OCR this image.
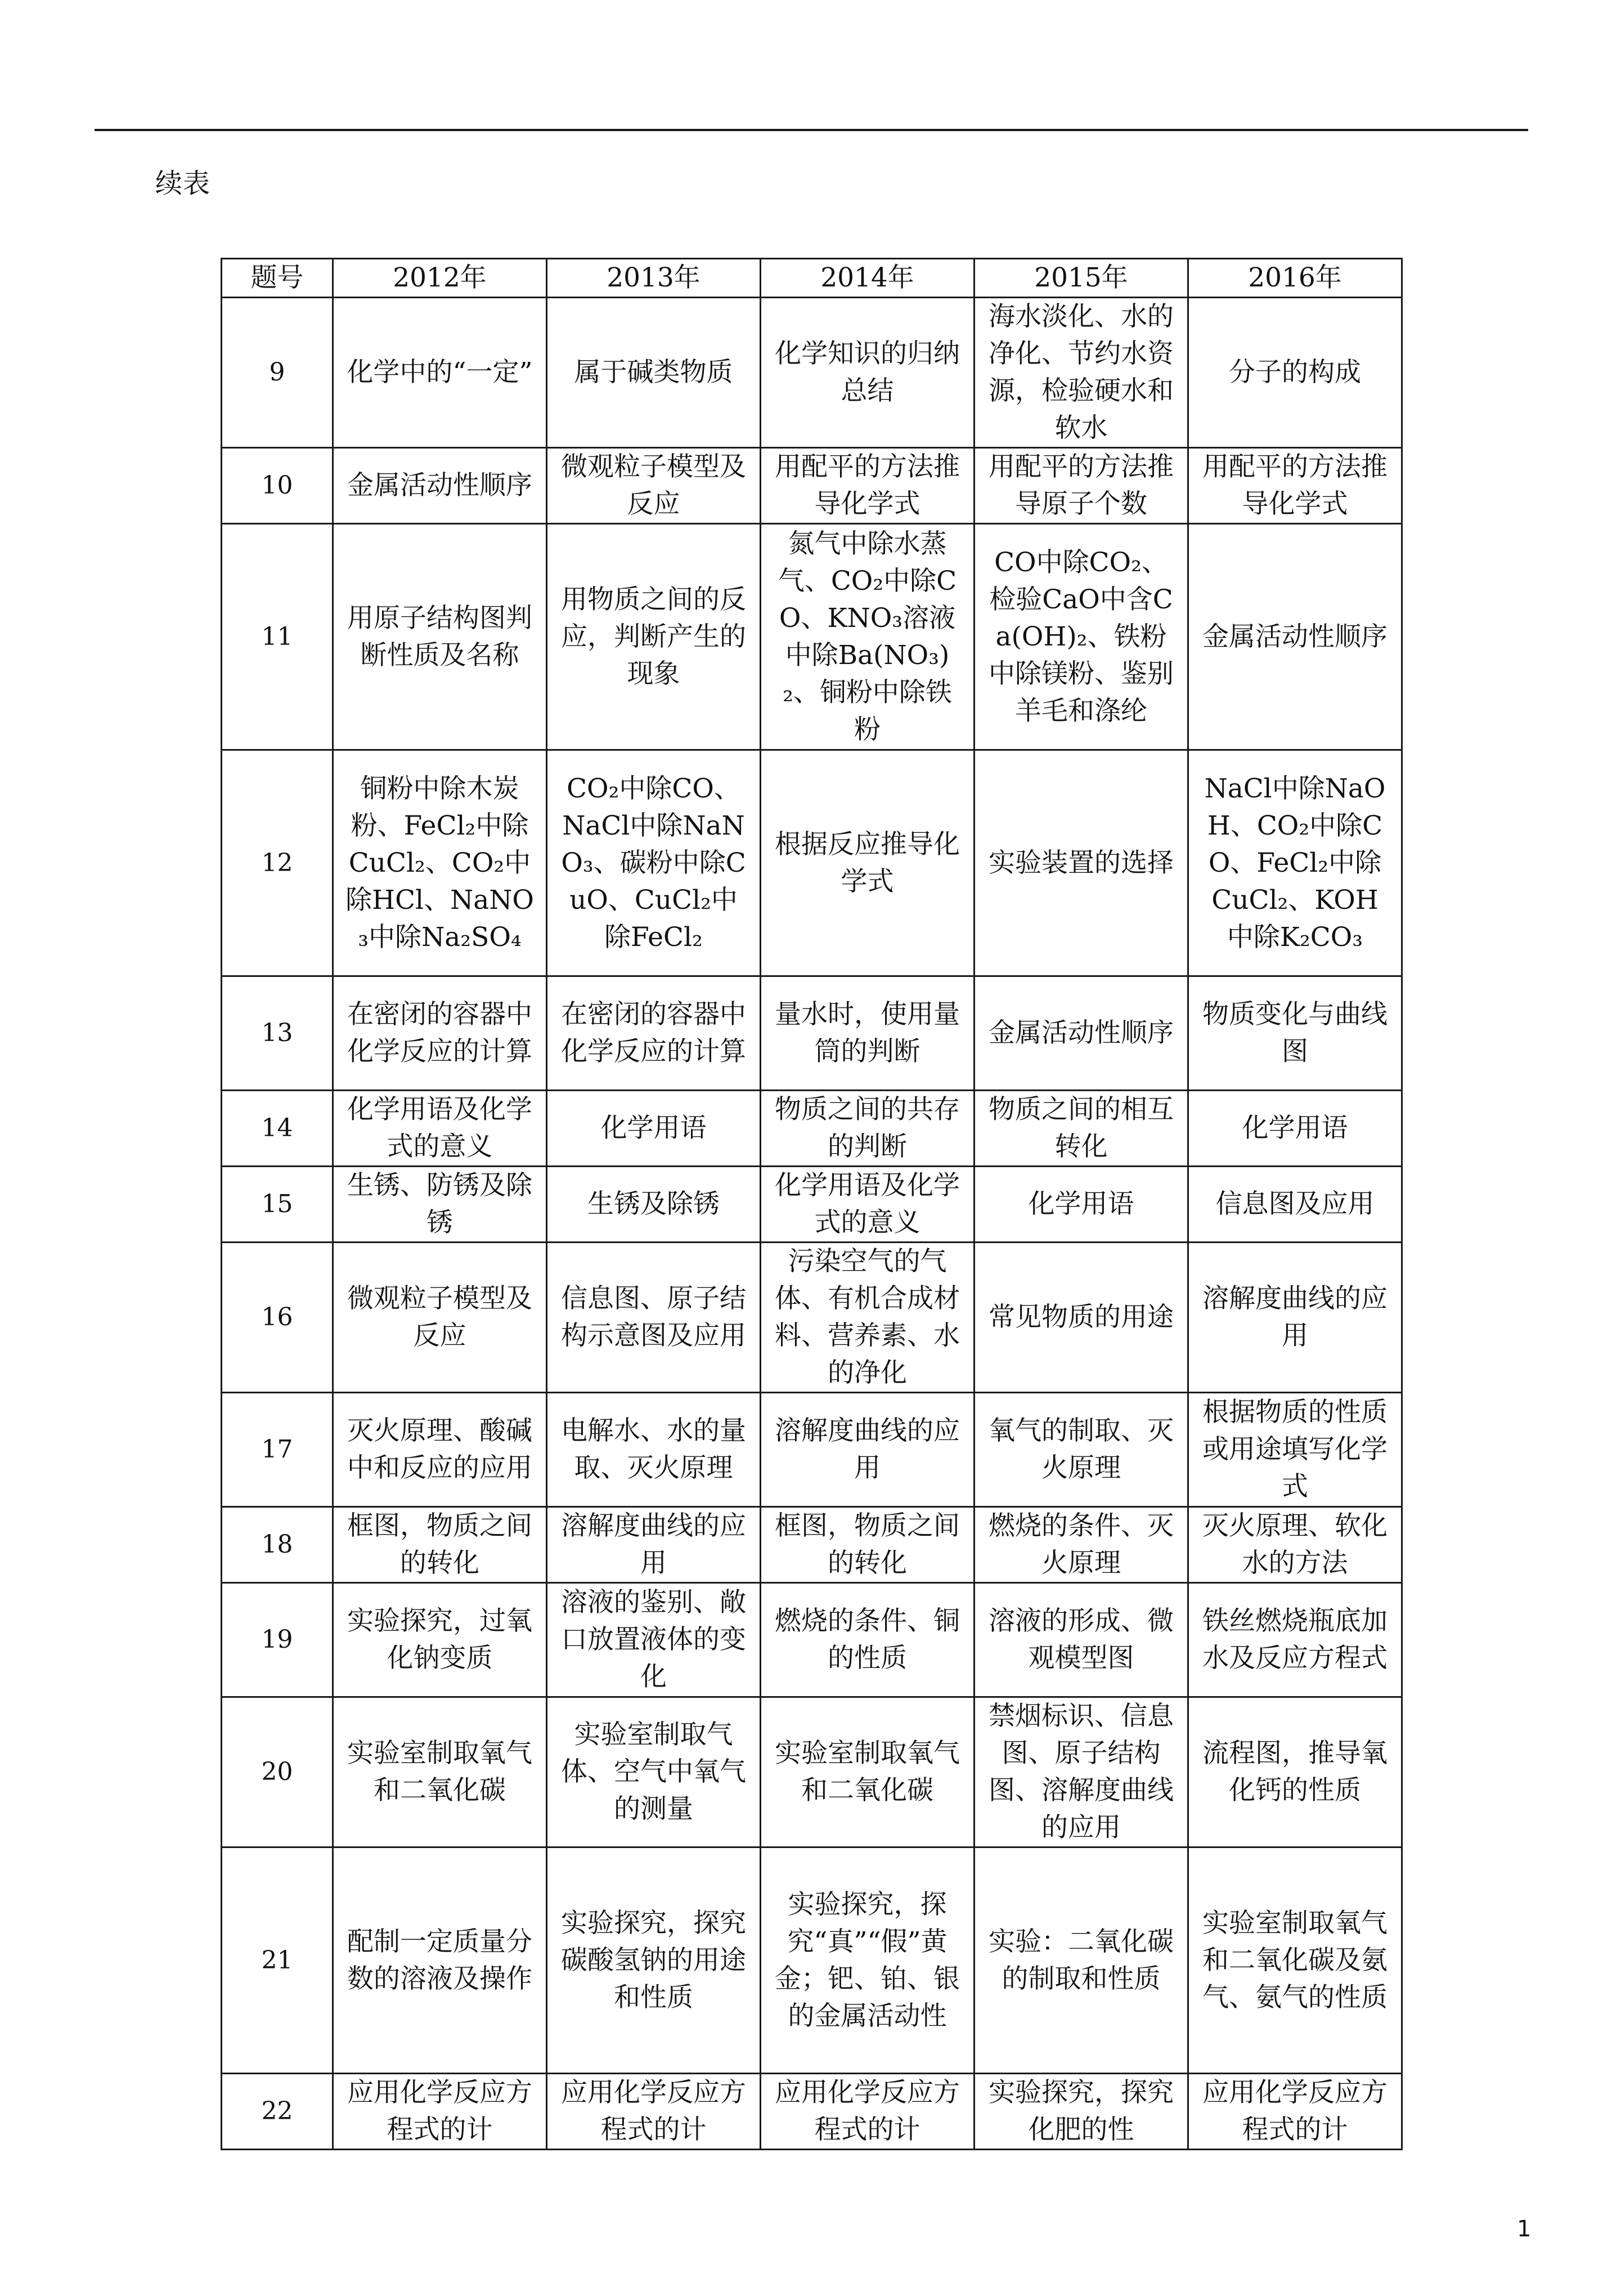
续表
题号	2012年	2013年	2014年	2015年	2016年
9	化学中的“一定”	属于碱类物质	化学知识的归纳总结	海水淡化、水的净化、节约水资源，检验硬水和软水	分子的构成
10	金属活动性顺序	微观粒子模型及反应	用配平的方法推导化学式	用配平的方法推导原子个数	用配平的方法推导化学式
11	用原子结构图判断性质及名称	用物质之间的反应，判断产生的现象	氮气中除水蒸气、CO₂中除CO、KNO₃溶液中除Ba(NO₃)₂、铜粉中除铁粉	CO中除CO₂、检验CaO中含Ca(OH)₂、铁粉中除镁粉、鉴别羊毛和涤纶	金属活动性顺序
12	铜粉中除木炭粉、FeCl₂中除CuCl₂、CO₂中除HCl、NaNO₃中除Na₂SO₄	CO₂中除CO、NaCl中除NaNO₃、碳粉中除CuO、CuCl₂中除FeCl₂	根据反应推导化学式	实验装置的选择	NaCl中除NaOH、CO₂中除CO、FeCl₂中除CuCl₂、KOH中除K₂CO₃
13	在密闭的容器中化学反应的计算	在密闭的容器中化学反应的计算	量水时，使用量筒的判断	金属活动性顺序	物质变化与曲线图
14	化学用语及化学式的意义	化学用语	物质之间的共存的判断	物质之间的相互转化	化学用语
15	生锈、防锈及除锈	生锈及除锈	化学用语及化学式的意义	化学用语	信息图及应用
16	微观粒子模型及反应	信息图、原子结构示意图及应用	污染空气的气体、有机合成材料、营养素、水的净化	常见物质的用途	溶解度曲线的应用
17	灭火原理、酸碱中和反应的应用	电解水、水的量取、灭火原理	溶解度曲线的应用	氧气的制取、灭火原理	根据物质的性质或用途填写化学式
18	框图，物质之间的转化	溶解度曲线的应用	框图，物质之间的转化	燃烧的条件、灭火原理	灭火原理、软化水的方法
19	实验探究，过氧化钠变质	溶液的鉴别、敞口放置液体的变化	燃烧的条件、铜的性质	溶液的形成、微观模型图	铁丝燃烧瓶底加水及反应方程式
20	实验室制取氧气和二氧化碳	实验室制取气体、空气中氧气的测量	实验室制取氧气和二氧化碳	禁烟标识、信息图、原子结构图、溶解度曲线的应用	流程图，推导氧化钙的性质
21	配制一定质量分数的溶液及操作	实验探究，探究碳酸氢钠的用途和性质	实验探究，探究“真”“假”黄金；钯、铂、银的金属活动性	实验：二氧化碳的制取和性质	实验室制取氧气和二氧化碳及氨气、氨气的性质
22	应用化学反应方程式的计	应用化学反应方程式的计	应用化学反应方程式的计	实验探究，探究化肥的性	应用化学反应方程式的计
1
